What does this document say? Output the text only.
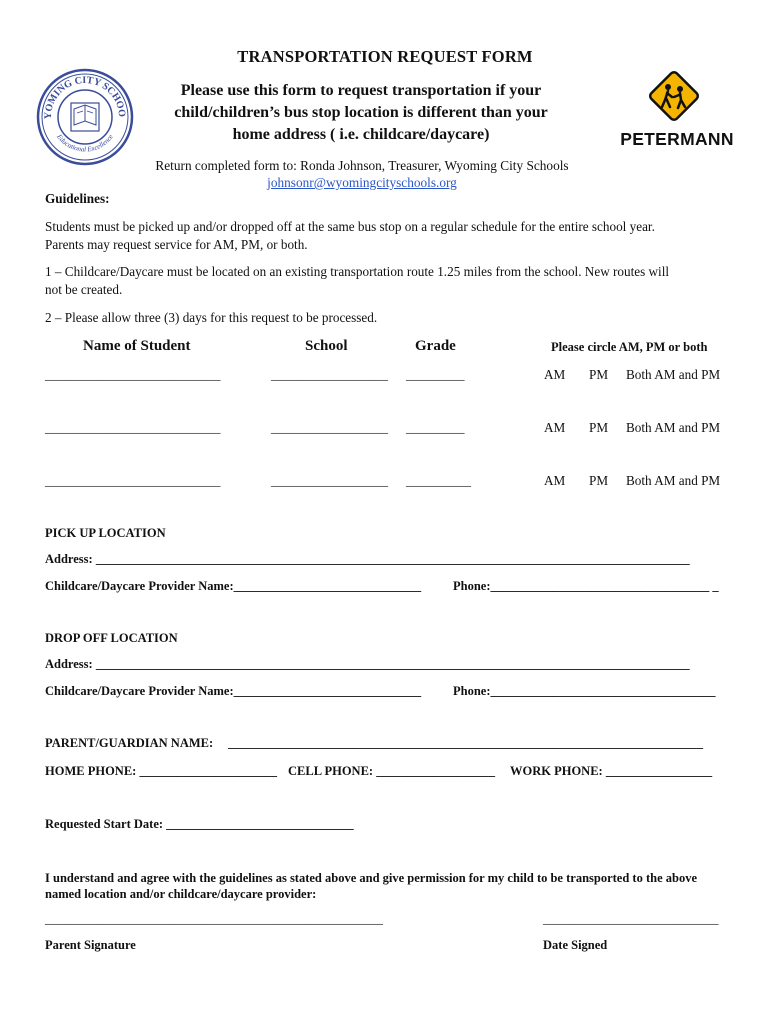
TRANSPORTATION REQUEST FORM
Please use this form to request transportation if your
child/children’s bus stop location is different than your
home address ( i.e. childcare/daycare)
Return completed form to: Ronda Johnson, Treasurer, Wyoming City Schools
johnsonr@wyomingcityschools.org
YOMING CITY SCHOO
Educational Excellence	PETERMANN
Guidelines:
Students must be picked up and/or dropped off at the same bus stop on a regular schedule for the entire school year.
Parents may request service for AM, PM, or both.
1 – Childcare/Daycare must be located on an existing transportation route 1.25 miles from the school. New routes will
not be created.
2 – Please allow three (3) days for this request to be processed.
Name of Student	School	Grade	Please circle AM, PM or both
___________________________	__________________ _________	AM PM Both AM and PM
___________________________	__________________ _________	AM PM Both AM and PM
___________________________	__________________ __________	AM PM Both AM and PM
PICK UP LOCATION
Address: _______________________________________________________________________________________________
Childcare/Daycare Provider Name:______________________________	Phone:___________________________________ _
DROP OFF LOCATION
Address: _______________________________________________________________________________________________
Childcare/Daycare Provider Name:______________________________	Phone:____________________________________
PARENT/GUARDIAN NAME: ____________________________________________________________________________
HOME PHONE: ______________________ CELL PHONE: ___________________ WORK PHONE: _________________
Requested Start Date: ______________________________
I understand and agree with the guidelines as stated above and give permission for my child to be transported to the above
named location and/or childcare/daycare provider:
____________________________________________________	___________________________
Parent Signature	Date Signed
